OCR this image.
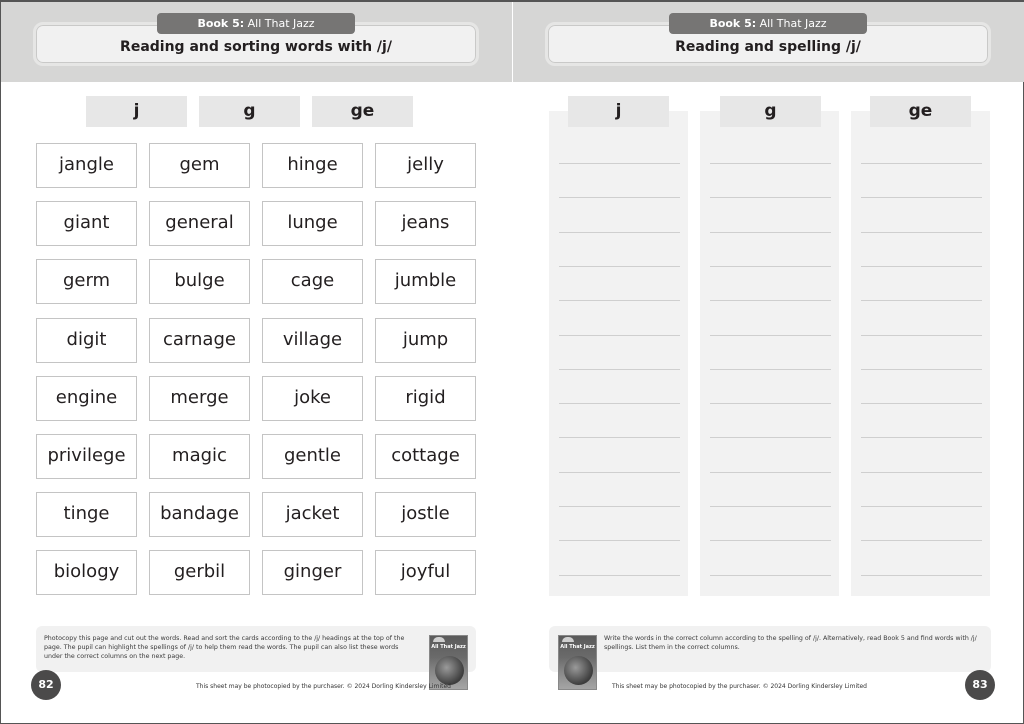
Book 5: All That Jazz
Reading and sorting words with /j/
j	g	ge
jangle	gem	hinge	jelly
giant	general	lunge	jeans
germ	bulge	cage	jumble
digit	carnage	village	jump
engine	merge	joke	rigid
privilege	magic	gentle	cottage
tinge	bandage	jacket	jostle
biology	gerbil	ginger	joyful
Photocopy this page and cut out the words. Read and sort the cards according to the /j/ headings at the top of the page. The pupil can highlight the spellings of /j/ to help them read the words. The pupil can also list these words under the correct columns on the next page.
All That Jazz
82	This sheet may be photocopied by the purchaser. © 2024 Dorling Kindersley Limited
Book 5: All That Jazz
Reading and spelling /j/
j	g	ge
Write the words in the correct column according to the spelling of /j/. Alternatively, read Book 5 and find words with /j/ spellings. List them in the correct columns.
All That Jazz
This sheet may be photocopied by the purchaser. © 2024 Dorling Kindersley Limited	83
